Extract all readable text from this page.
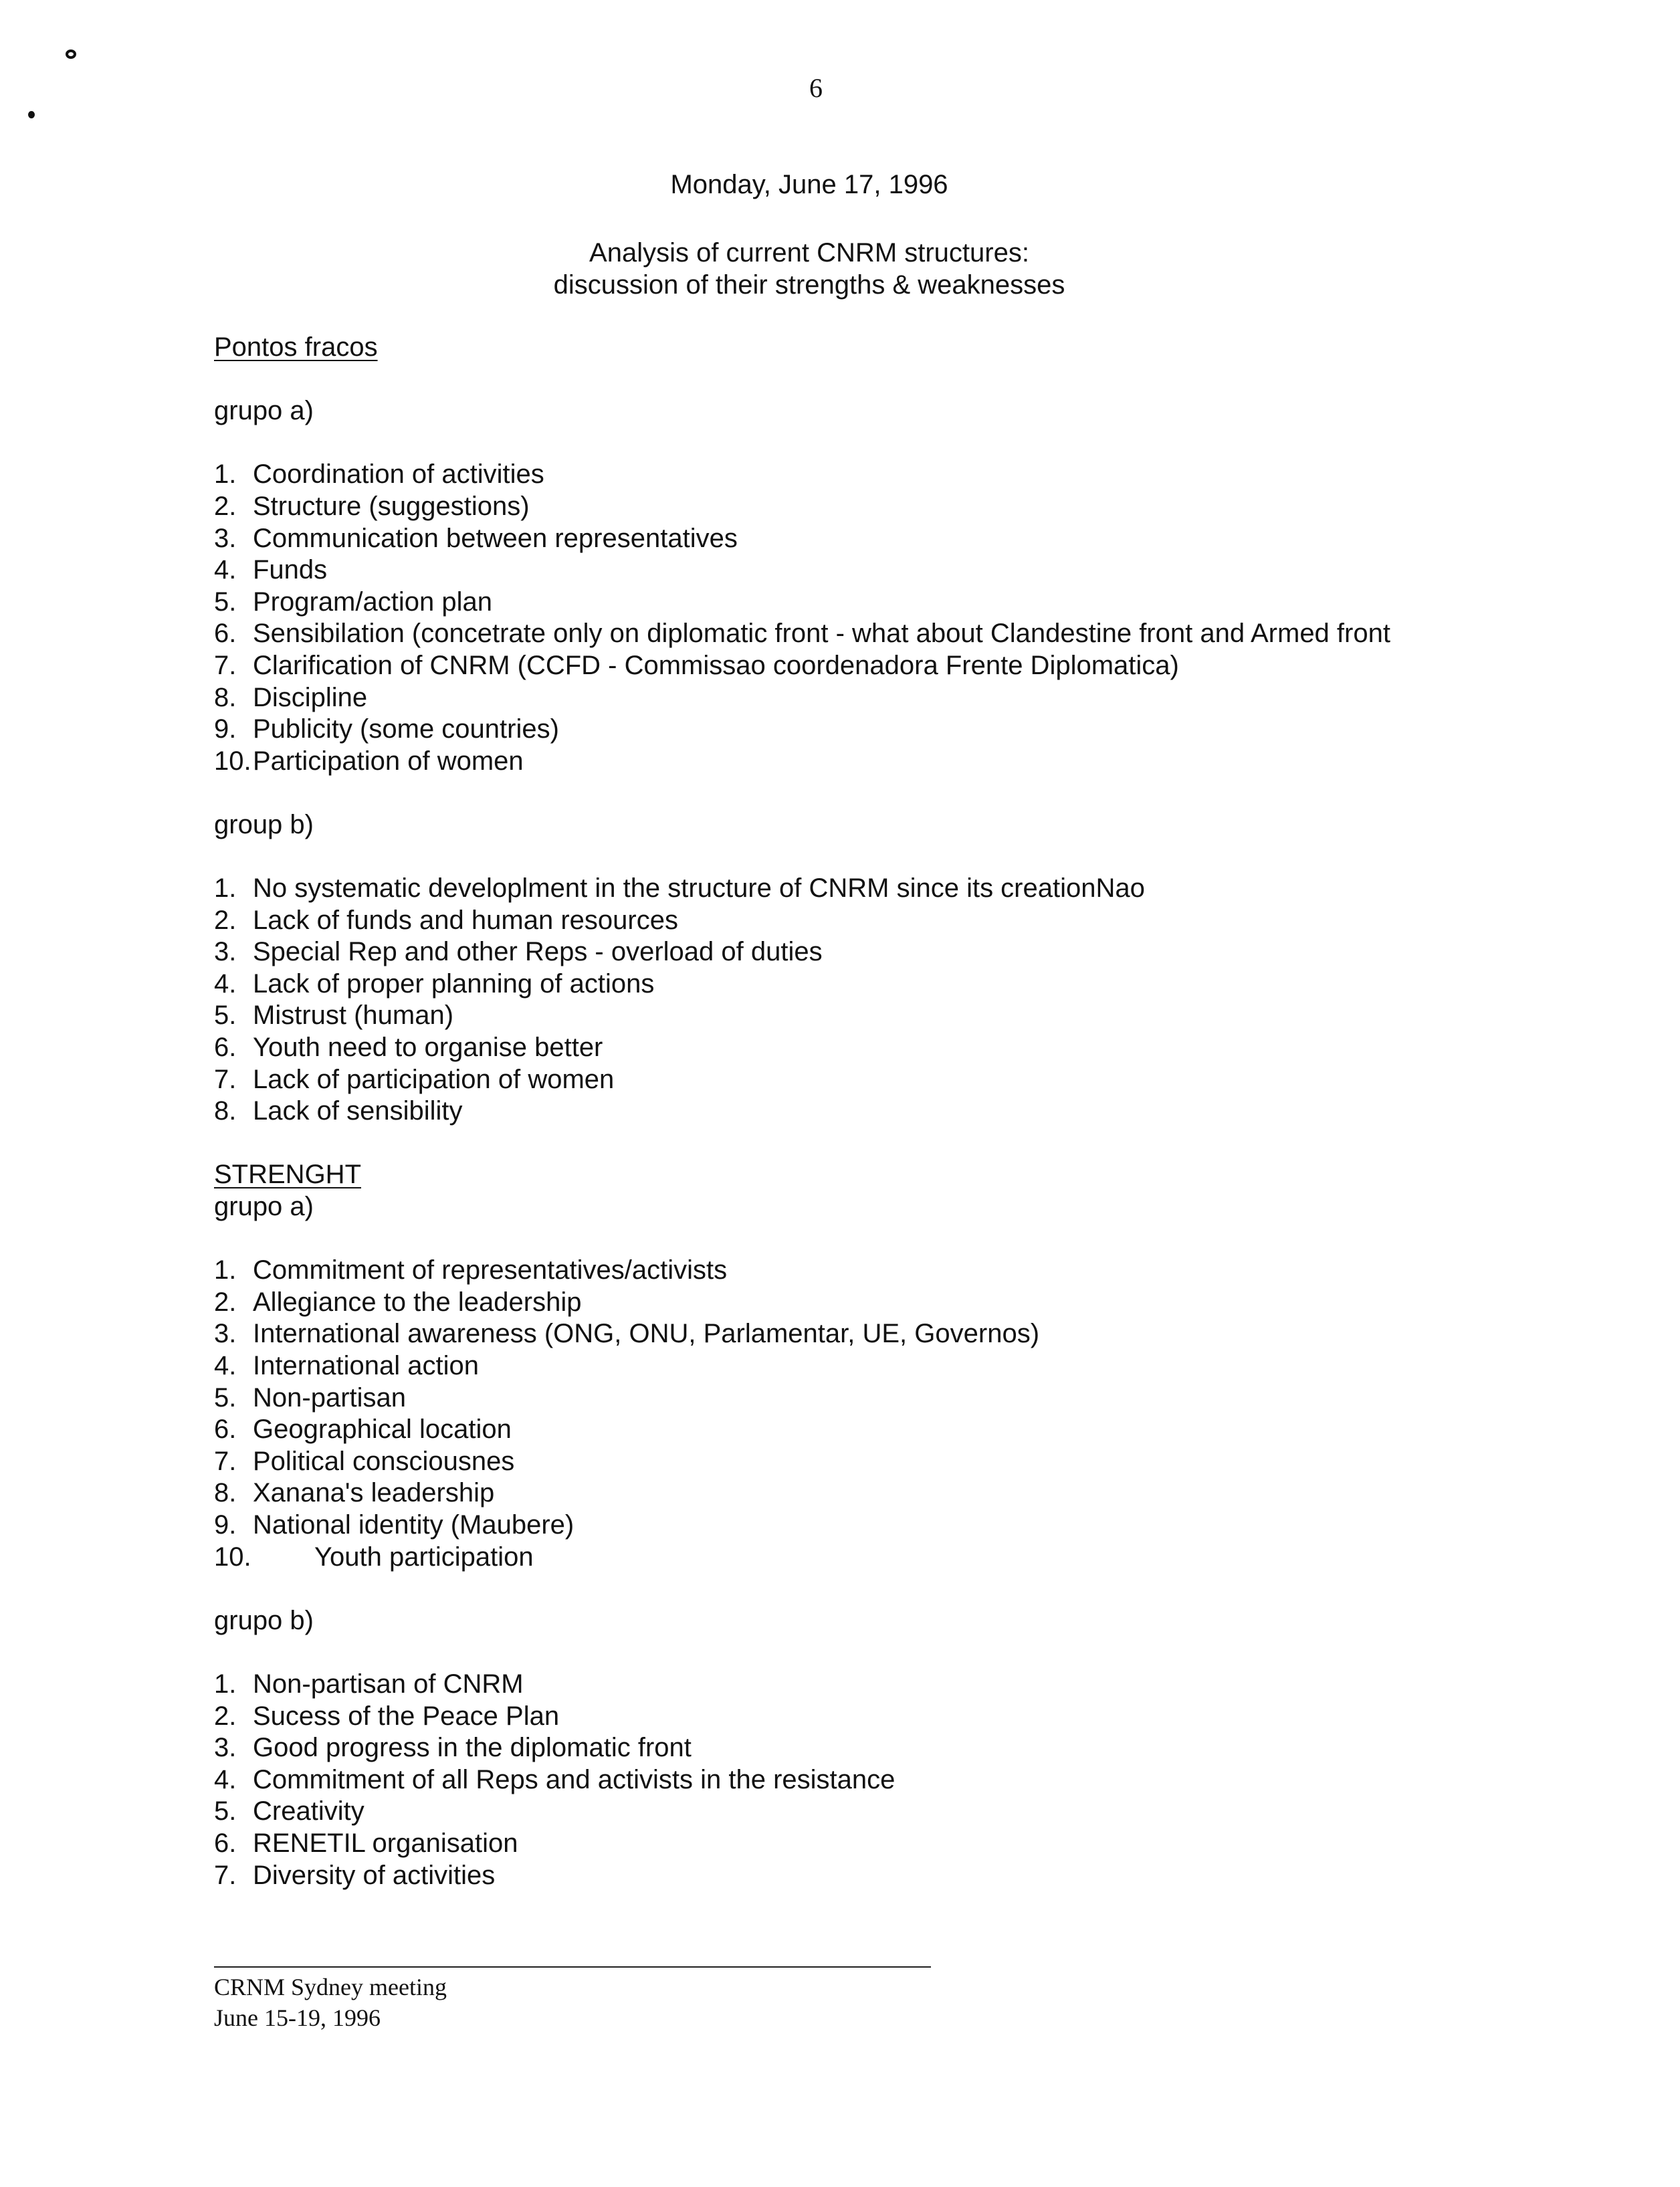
6
Monday, June 17, 1996
Analysis of current CNRM structures:
discussion of their strengths & weaknesses
Pontos fracos
grupo a)
1. Coordination of activities
2. Structure (suggestions)
3. Communication between representatives
4. Funds
5. Program/action plan
6. Sensibilation (concetrate only on diplomatic front - what about Clandestine front and Armed front
7. Clarification of CNRM (CCFD - Commissao coordenadora Frente Diplomatica)
8. Discipline
9. Publicity (some countries)
10. Participation of women
group b)
1. No systematic developlment in the structure of CNRM since its creationNao
2. Lack of funds and human resources
3. Special Rep and other Reps - overload of duties
4. Lack of proper planning of actions
5. Mistrust (human)
6. Youth need to organise better
7. Lack of participation of women
8. Lack of sensibility
STRENGHT
grupo a)
1. Commitment of representatives/activists
2. Allegiance to the leadership
3. International awareness (ONG, ONU, Parlamentar, UE, Governos)
4. International action
5. Non-partisan
6. Geographical location
7. Political consciousnes
8. Xanana's leadership
9. National identity (Maubere)
10.	Youth participation
grupo b)
1. Non-partisan of CNRM
2. Sucess of the Peace Plan
3. Good progress in the diplomatic front
4. Commitment of all Reps and activists in the resistance
5. Creativity
6. RENETIL organisation
7. Diversity of activities
CRNM Sydney meeting
June 15-19, 1996
